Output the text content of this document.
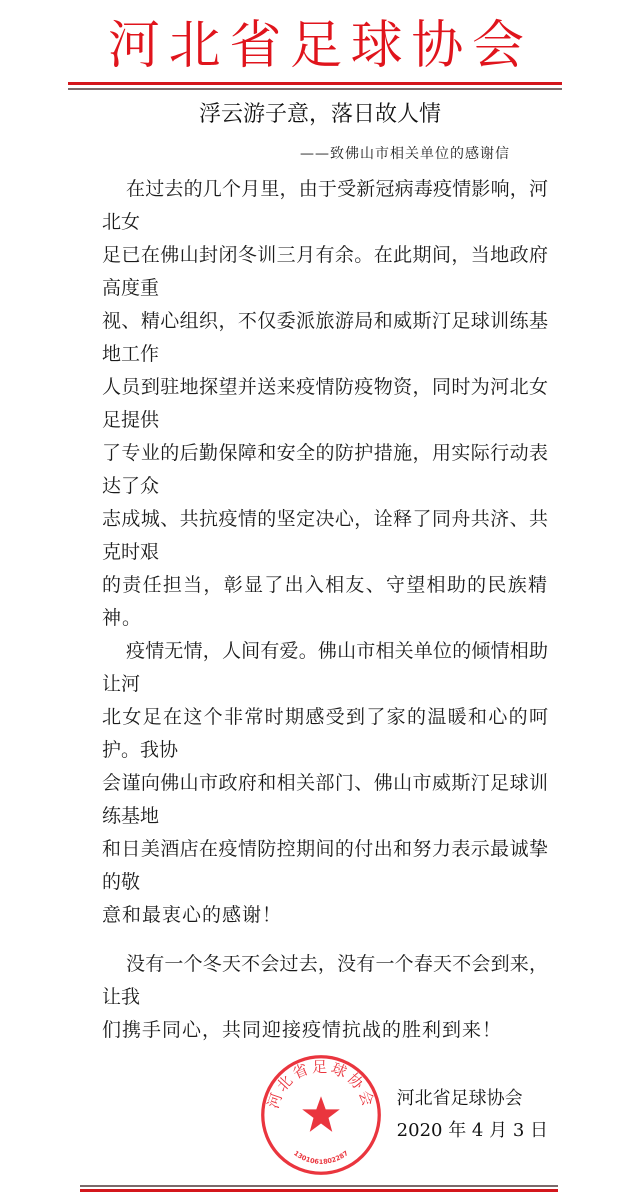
河北省足球协会
浮云游子意，落日故人情
——致佛山市相关单位的感谢信
在过去的几个月里，由于受新冠病毒疫情影响，河北女
足已在佛山封闭冬训三月有余。在此期间，当地政府高度重
视、精心组织，不仅委派旅游局和威斯汀足球训练基地工作
人员到驻地探望并送来疫情防疫物资，同时为河北女足提供
了专业的后勤保障和安全的防护措施，用实际行动表达了众
志成城、共抗疫情的坚定决心，诠释了同舟共济、共克时艰
的责任担当，彰显了出入相友、守望相助的民族精神。
疫情无情，人间有爱。佛山市相关单位的倾情相助让河
北女足在这个非常时期感受到了家的温暖和心的呵护。我协
会谨向佛山市政府和相关部门、佛山市威斯汀足球训练基地
和日美酒店在疫情防控期间的付出和努力表示最诚挚的敬
意和最衷心的感谢！
没有一个冬天不会过去，没有一个春天不会到来，让我
们携手同心，共同迎接疫情抗战的胜利到来！
河北省足球协会
1301061802287
河北省足球协会
2020 年 4 月 3 日
